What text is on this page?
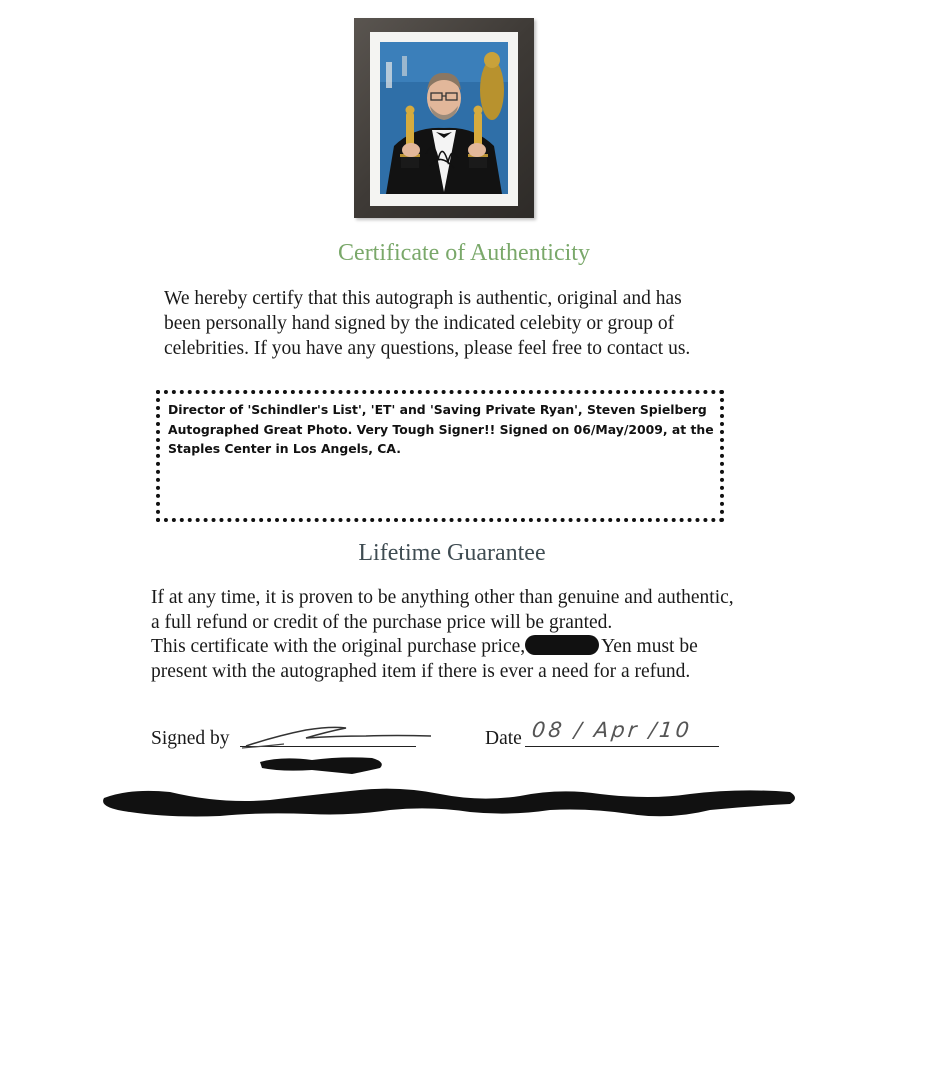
Certificate of Authenticity
We hereby certify that this autograph is authentic, original and has
been personally hand signed by the indicated celebity or group of
celebrities. If you have any questions, please feel free to contact us.
Director of 'Schindler's List', 'ET' and 'Saving Private Ryan', Steven Spielberg
Autographed Great Photo. Very Tough Signer!! Signed on 06/May/2009, at the
Staples Center in Los Angels, CA.
Lifetime Guarantee
If at any time, it is proven to be anything other than genuine and authentic,
a full refund or credit of the purchase price will be granted.
This certificate with the original purchase price,	Yen must be
present with the autographed item if there is ever a need for a refund.
Signed by	Date 08 / Apr /10
